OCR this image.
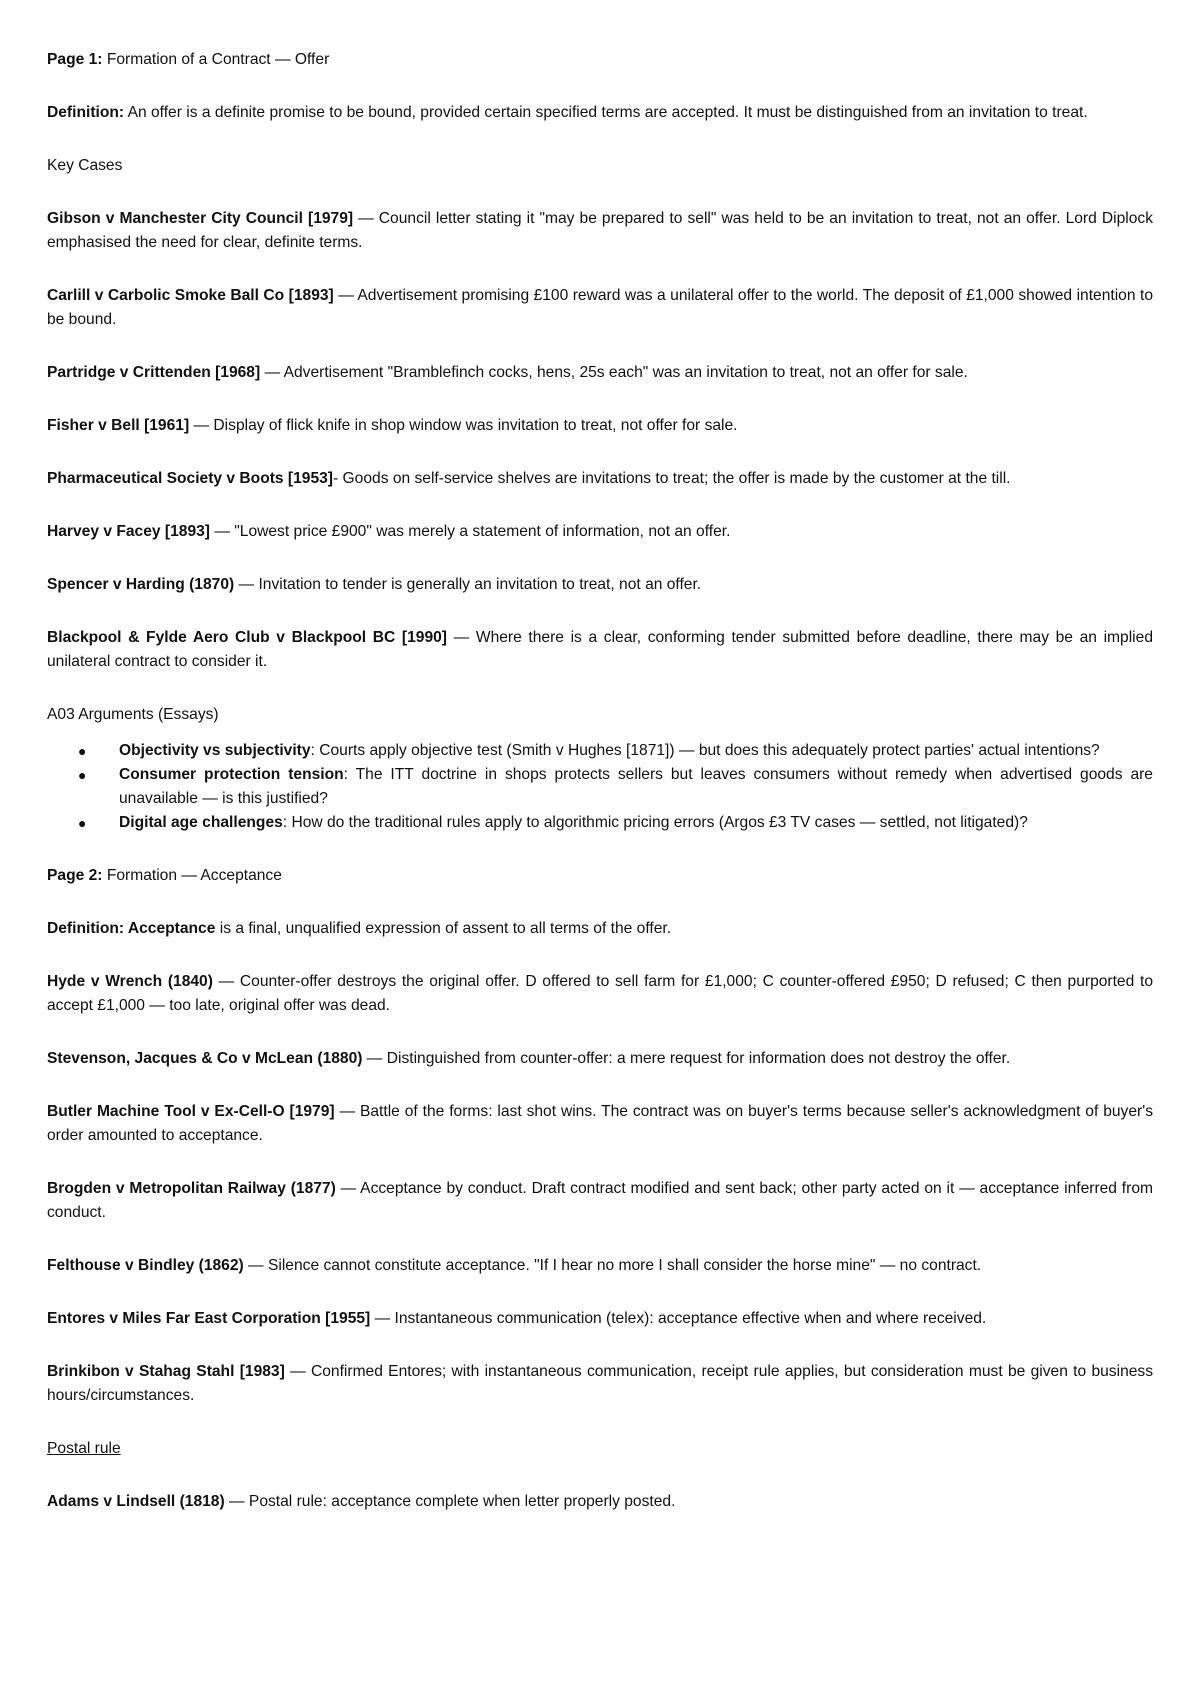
Page 1: Formation of a Contract — Offer

Definition: An offer is a definite promise to be bound, provided certain specified terms are accepted. It must be distinguished from an invitation to treat.

Key Cases

Gibson v Manchester City Council [1979] — Council letter stating it "may be prepared to sell" was held to be an invitation to treat, not an offer. Lord Diplock emphasised the need for clear, definite terms.

Carlill v Carbolic Smoke Ball Co [1893] — Advertisement promising £100 reward was a unilateral offer to the world. The deposit of £1,000 showed intention to be bound.

Partridge v Crittenden [1968] — Advertisement "Bramblefinch cocks, hens, 25s each" was an invitation to treat, not an offer for sale.

Fisher v Bell [1961] — Display of flick knife in shop window was invitation to treat, not offer for sale.

Pharmaceutical Society v Boots [1953]- Goods on self-service shelves are invitations to treat; the offer is made by the customer at the till.

Harvey v Facey [1893] — "Lowest price £900" was merely a statement of information, not an offer.

Spencer v Harding (1870) — Invitation to tender is generally an invitation to treat, not an offer.

Blackpool & Fylde Aero Club v Blackpool BC [1990] — Where there is a clear, conforming tender submitted before deadline, there may be an implied unilateral contract to consider it.

A03 Arguments (Essays)

● Objectivity vs subjectivity: Courts apply objective test (Smith v Hughes [1871]) — but does this adequately protect parties' actual intentions?
● Consumer protection tension: The ITT doctrine in shops protects sellers but leaves consumers without remedy when advertised goods are unavailable — is this justified?
● Digital age challenges: How do the traditional rules apply to algorithmic pricing errors (Argos £3 TV cases — settled, not litigated)?

Page 2: Formation — Acceptance

Definition: Acceptance is a final, unqualified expression of assent to all terms of the offer.

Hyde v Wrench (1840) — Counter-offer destroys the original offer. D offered to sell farm for £1,000; C counter-offered £950; D refused; C then purported to accept £1,000 — too late, original offer was dead.

Stevenson, Jacques & Co v McLean (1880) — Distinguished from counter-offer: a mere request for information does not destroy the offer.

Butler Machine Tool v Ex-Cell-O [1979] — Battle of the forms: last shot wins. The contract was on buyer's terms because seller's acknowledgment of buyer's order amounted to acceptance.

Brogden v Metropolitan Railway (1877) — Acceptance by conduct. Draft contract modified and sent back; other party acted on it — acceptance inferred from conduct.

Felthouse v Bindley (1862) — Silence cannot constitute acceptance. "If I hear no more I shall consider the horse mine" — no contract.

Entores v Miles Far East Corporation [1955] — Instantaneous communication (telex): acceptance effective when and where received.

Brinkibon v Stahag Stahl [1983] — Confirmed Entores; with instantaneous communication, receipt rule applies, but consideration must be given to business hours/circumstances.

Postal rule

Adams v Lindsell (1818) — Postal rule: acceptance complete when letter properly posted.
